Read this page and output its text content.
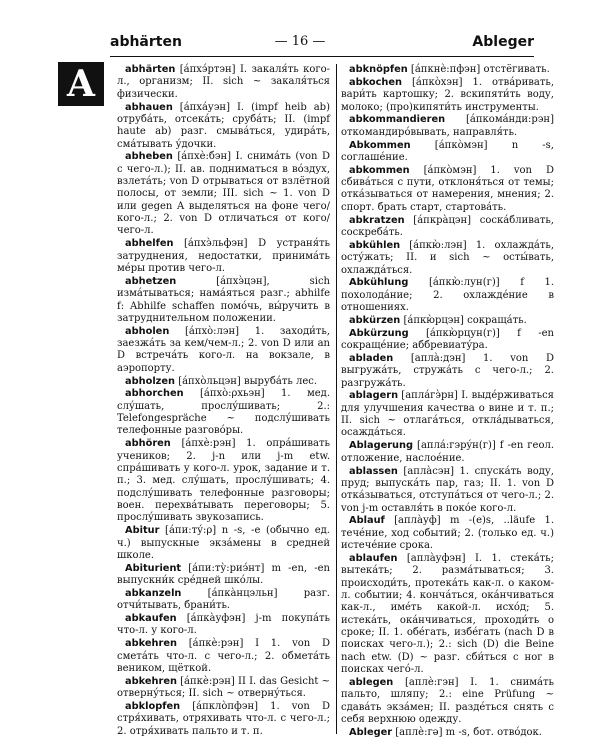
abhärten	— 16 —	Ableger
A	abhärten [áпхэ́ртэн] I. закаля́ть кого-л., организм; II. sich ~ закаля́ться физически.
abhauen [áпхáуэн] I. (impf heib ab) отруба́ть, отсека́ть; сруба́ть; II. (impf haute ab) разг. смыва́ться, удира́ть, сма́тывать у́дочки.
abheben [áпхѐ:бэн] I. снима́ть (von D с чего-л.); II. ав. подниматься в во́здух, взлета́ть; von D отрываться от взлётной полосы, от земли; III. sich ~ 1. von D или gegen A выделяться на фоне чего/кого-л.; 2. von D отличаться от кого/чего-л.
abhelfen [áпхэ̀льфэн] D устраня́ть затруднения, недостатки, принима́ть ме́ры против чего-л.
abhetzen [áпхэ̀цэн], sich изма́тываться; нама́яться разг.; abhilfe f: Abhilfe schaffen помо́чь, вы́ручить в затруднительном положении.
abholen [áпхо̀:лэн] 1. заходи́ть, заезжа́ть за кем/чем-л.; 2. von D или an D встреча́ть кого-л. на вокзале, в аэропорту.
abholzen [áпхо̀льцэн] выруба́ть лес.
abhorchen [áпхо̀:ρхьэн] 1. мед. слу́шать, прослу́шивать; 2.: Telefongespräche ~ подслу́шивать телефонные разгово́ры.
abhören [áпхѐ:рэн] 1. опра́шивать учеников; 2. j-n или j-m etw. спра́шивать у кого-л. урок, задание и т. п.; 3. мед. слу́шать, прослу́шивать; 4. подслу́шивать телефонные разговоры; воен. перехва́тывать переговоры; 5. прослу́шивать звукозапись.
Abitur [áпи:ту́:ρ] n -s, -e (обычно ед. ч.) выпускные экза́мены в средней школе.
Abiturient [áпи:ту̀:риэ́нт] m -en, -en выпускни́к сре́дней шко́лы.
abkanzeln [áпка̀нцэльн] разг. отчи́тывать, брани́ть.
abkaufen [áпка̀уфэн] j-m покупа́ть что-л. у кого-л.
abkehren [áпкѐ:рэн] I 1. von D смета́ть что-л. с чего-л.; 2. обмета́ть веником, щёткой.
abkehren [áпкѐ:рэн] II I. das Gesicht ~ отверну́ться; II. sich ~ отверну́ться.
abklopfen [áпкло̀пфэн] 1. von D стря́хивать, отряхивать что-л. с чего-л.; 2. отря́хивать пальто и т. п.
abknöpfen [áпкнѐ:пфэн] отстёгивать.
abkochen [áпко̀хэн] 1. отва́ривать, вари́ть картошку; 2. вскипяти́ть воду, молоко; (про)кипяти́ть инструменты.
abkommandieren [áпкомáнди:рэн] откомандиро́вывать, направля́ть.
Abkommen [áпко̀мэн] n -s, соглаше́ние.
abkommen [áпко̀мэн] 1. von D сбива́ться с пути, отклоня́ться от темы; отка́зываться от намерения, мнения; 2. спорт. брать старт, стартова́ть.
abkratzen [áпкра̀цэн] соска́бливать, соскреба́ть.
abkühlen [áпкю̀:лэн] 1. охлажда́ть, осту́жать; II. и sich ~ осты́вать, охлажда́ться.
Abkühlung [áпкю̀:лун(г)] f 1. похолода́ние; 2. охлажде́ние в отношениях.
abkürzen [áпкю̀рцэн] сокраща́ть.
Abkürzung [áпкю̀рцун(г)] f -en сокраще́ние; аббревиату́ра.
abladen [апла̀:дэн] 1. von D выгружа́ть, стружа́ть с чего-л.; 2. разгружа́ть.
ablagern [аплáгэ̀рн] I. выде́рживаться для улучшения качества о вине и т. п.; II. sich ~ отлага́ться, откла́дываться, осажда́ться.
Ablagerung [аплá:гэрýн(г)] f -en геол. отложение, наслое́ние.
ablassen [апла̀сэн] 1. спуска́ть воду, пруд; выпуска́ть пар, газ; II. 1. von D отка́зываться, отступа́ться от чего-л.; 2. von j-m оставля́ть в поко́е кого-л.
Ablauf [апла̀уф] m -(e)s, ..läufe 1. тече́ние, ход событий; 2. (только ед. ч.) истече́ние срока.
ablaufen [апла̀уфэн] I. 1. стека́ть; вытека́ть; 2. разма́тываться; 3. происходи́ть, протека́ть как-л. о каком-л. событии; 4. конча́ться, ока́нчиваться как-л., име́ть какой-л. исхо́д; 5. истека́ть, ока́нчиваться, проходи́ть о сроке; II. 1. обе́гать, избе́гать (nach D в поисках чего-л.); 2.: sich (D) die Beine nach etw. (D) ~ разг. сби́ться с ног в поисках чего́-л.
ablegen [аплѐ:гэн] I. 1. снима́ть пальто, шляпу; 2.: eine Prüfung ~ сдава́ть экза́мен; II. разде́ться снять с себя верхнюю одежду.
Ableger [аплѐ:гə] m -s, бот. отво́док.
